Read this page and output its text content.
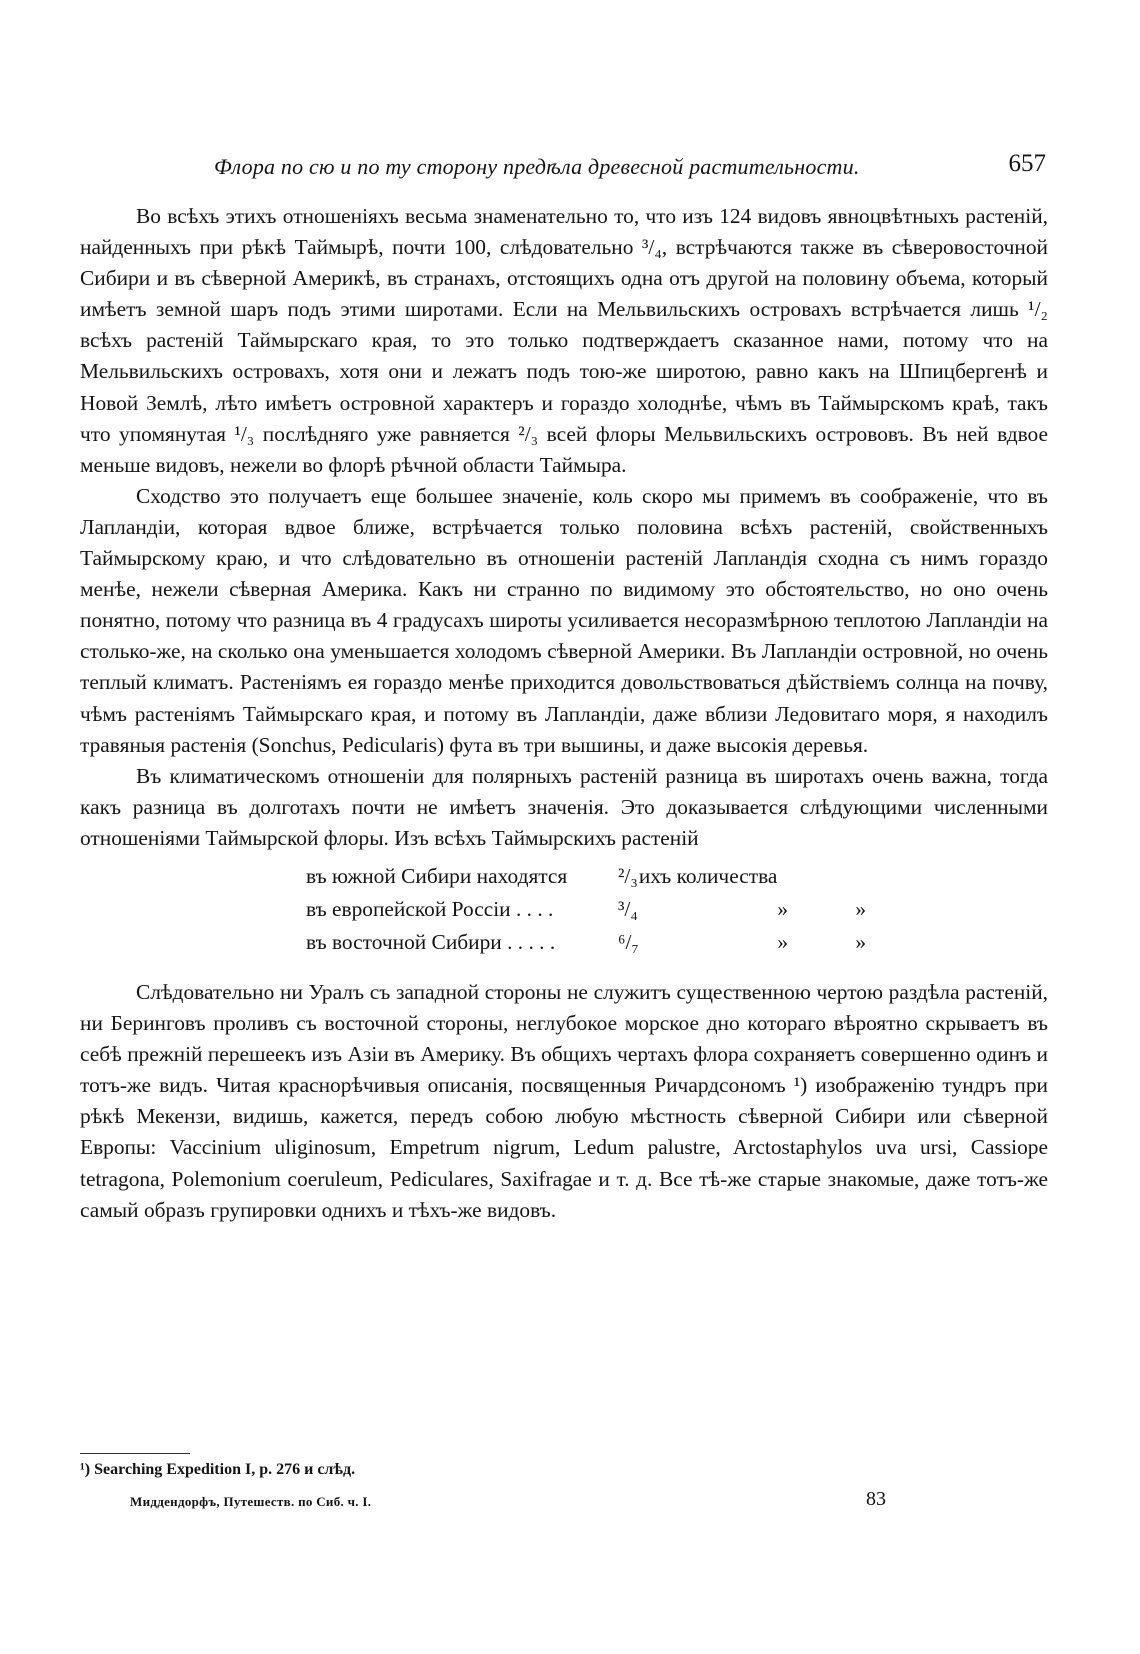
Флора по сю и по ту сторону предѣла древесной растительности.	657

Во всѣхъ этихъ отношеніяхъ весьма знаменательно то, что изъ 124 видовъ явноцвѣтныхъ растеній, найденныхъ при рѣкѣ Таймырѣ, почти 100, слѣдовательно ³/₄, встрѣчаются также въ сѣверовосточной Сибири и въ сѣверной Америкѣ, въ странахъ, отстоящихъ одна отъ другой на половину объема, который имѣетъ земной шаръ подъ этими широтами. Если на Мельвильскихъ островахъ встрѣчается лишь ¹/₂ всѣхъ растеній Таймырскаго края, то это только подтверждаетъ сказанное нами, потому что на Мельвильскихъ островахъ, хотя они и лежатъ подъ тою-же широтою, равно какъ на Шпицбергенѣ и Новой Землѣ, лѣто имѣетъ островной характеръ и гораздо холоднѣе, чѣмъ въ Таймырскомъ краѣ, такъ что упомянутая ¹/₃ послѣдняго уже равняется ²/₃ всей флоры Мельвильскихъ острововъ. Въ ней вдвое меньше видовъ, нежели во флорѣ рѣчной области Таймыра.

Сходство это получаетъ еще большее значеніе, коль скоро мы примемъ въ соображеніе, что въ Лапландіи, которая вдвое ближе, встрѣчается только половина всѣхъ растеній, свойственныхъ Таймырскому краю, и что слѣдовательно въ отношеніи растеній Лапландія сходна съ нимъ гораздо менѣе, нежели сѣверная Америка. Какъ ни странно по видимому это обстоятельство, но оно очень понятно, потому что разница въ 4 градусахъ широты усиливается несоразмѣрною теплотою Лапландіи на столько-же, на сколько она уменьшается холодомъ сѣверной Америки. Въ Лапландіи островной, но очень теплый климатъ. Растеніямъ ея гораздо менѣе приходится довольствоваться дѣйствіемъ солнца на почву, чѣмъ растеніямъ Таймырскаго края, и потому въ Лапландіи, даже вблизи Ледовитаго моря, я находилъ травяныя растенія (Sonchus, Pedicularis) фута въ три вышины, и даже высокія деревья.

Въ климатическомъ отношеніи для полярныхъ растеній разница въ широтахъ очень важна, тогда какъ разница въ долготахъ почти не имѣетъ значенія. Это доказывается слѣдующими численными отношеніями Таймырской флоры. Изъ всѣхъ Таймырскихъ растеній

въ южной Сибири находятся	²/₃	ихъ количества		
въ европейской Россіи . . . .	³/₄		»	»
въ восточной Сибири . . . . .	⁶/₇		»	»

Слѣдовательно ни Уралъ съ западной стороны не служитъ существенною чертою раздѣла растеній, ни Беринговъ проливъ съ восточной стороны, неглубокое морское дно котораго вѣроятно скрываетъ въ себѣ прежній перешеекъ изъ Азіи въ Америку. Въ общихъ чертахъ флора сохраняетъ совершенно одинъ и тотъ-же видъ. Читая краснорѣчивыя описанія, посвященныя Ричардсономъ ¹) изображенію тундръ при рѣкѣ Мекензи, видишь, кажется, передъ собою любую мѣстность сѣверной Сибири или сѣверной Европы: Vaccinium uliginosum, Empetrum nigrum, Ledum palustre, Arctostaphylos uva ursi, Cassiope tetragona, Polemonium coeruleum, Pediculares, Saxifragae и т. д. Все тѣ-же старые знакомые, даже тотъ-же самый образъ групировки однихъ и тѣхъ-же видовъ.

¹) Searching Expedition I, p. 276 и слѣд.
Миддендорфъ, Путешеств. по Сиб. ч. I.	83
